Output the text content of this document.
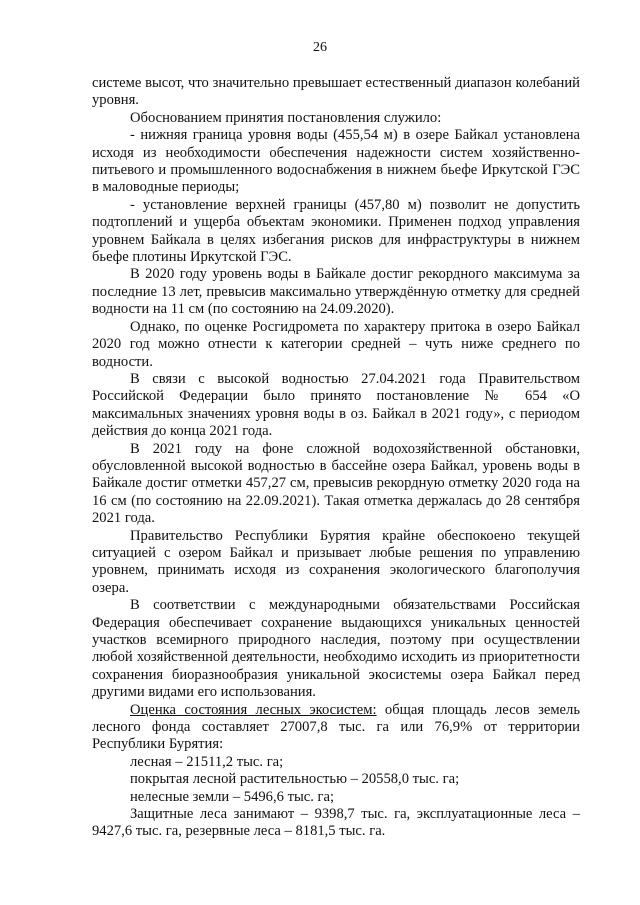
26

системе высот, что значительно превышает естественный диапазон колебаний уровня.

Обоснованием принятия постановления служило:

- нижняя граница уровня воды (455,54 м) в озере Байкал установлена исходя из необходимости обеспечения надежности систем хозяйственно-питьевого и промышленного водоснабжения в нижнем бьефе Иркутской ГЭС в маловодные периоды;

- установление верхней границы (457,80 м) позволит не допустить подтоплений и ущерба объектам экономики. Применен подход управления уровнем Байкала в целях избегания рисков для инфраструктуры в нижнем бьефе плотины Иркутской ГЭС.

В 2020 году уровень воды в Байкале достиг рекордного максимума за последние 13 лет, превысив максимально утверждённую отметку для средней водности на 11 см (по состоянию на 24.09.2020).

Однако, по оценке Росгидромета по характеру притока в озеро Байкал 2020 год можно отнести к категории средней – чуть ниже среднего по водности.

В связи с высокой водностью 27.04.2021 года Правительством Российской Федерации было принято постановление № 654 «О максимальных значениях уровня воды в оз. Байкал в 2021 году», с периодом действия до конца 2021 года.

В 2021 году на фоне сложной водохозяйственной обстановки, обусловленной высокой водностью в бассейне озера Байкал, уровень воды в Байкале достиг отметки 457,27 см, превысив рекордную отметку 2020 года на 16 см (по состоянию на 22.09.2021). Такая отметка держалась до 28 сентября 2021 года.

Правительство Республики Бурятия крайне обеспокоено текущей ситуацией с озером Байкал и призывает любые решения по управлению уровнем, принимать исходя из сохранения экологического благополучия озера.

В соответствии с международными обязательствами Российская Федерация обеспечивает сохранение выдающихся уникальных ценностей участков всемирного природного наследия, поэтому при осуществлении любой хозяйственной деятельности, необходимо исходить из приоритетности сохранения биоразнообразия уникальной экосистемы озера Байкал перед другими видами его использования.

Оценка состояния лесных экосистем: общая площадь лесов земель лесного фонда составляет 27007,8 тыс. га или 76,9% от территории Республики Бурятия:

лесная – 21511,2 тыс. га;

покрытая лесной растительностью – 20558,0 тыс. га;

нелесные земли – 5496,6 тыс. га;

Защитные леса занимают – 9398,7 тыс. га, эксплуатационные леса – 9427,6 тыс. га, резервные леса – 8181,5 тыс. га.
